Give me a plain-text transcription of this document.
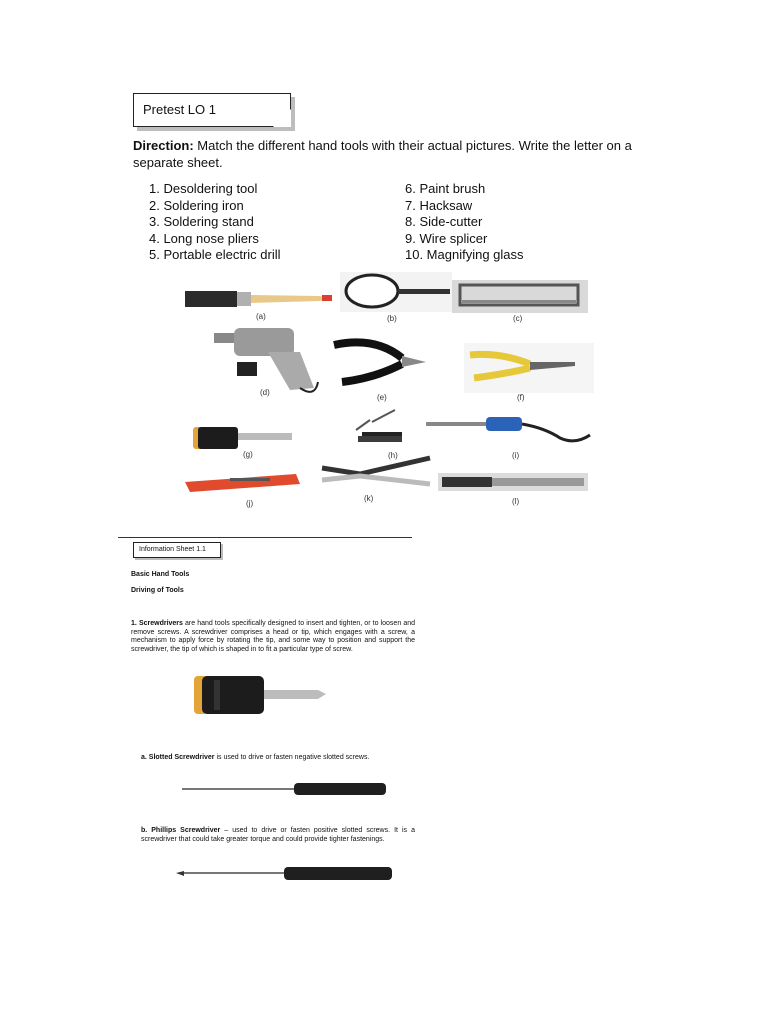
Pretest LO 1
Direction: Match the different hand tools with their actual pictures. Write the letter on a separate sheet.
1. Desoldering tool
2. Soldering iron
3. Soldering stand
4. Long nose pliers
5. Portable electric drill
6. Paint brush
7. Hacksaw
8. Side-cutter
9. Wire splicer
10. Magnifying glass
(a)	(b)	(c)
(d)
(e)	(f)
(g)	(h)	(i)
(j)
(k)	(l)
Information Sheet 1.1
Basic Hand Tools
Driving of Tools
1. Screwdrivers are hand tools specifically designed to insert and tighten, or to loosen and remove screws. A screwdriver comprises a head or tip, which engages with a screw, a mechanism to apply force by rotating the tip, and some way to position and support the screwdriver, the tip of which is shaped in to fit a particular type of screw.
a. Slotted Screwdriver is used to drive or fasten negative slotted screws.
b. Phillips Screwdriver – used to drive or fasten positive slotted screws. It is a screwdriver that could take greater torque and could provide tighter fastenings.
